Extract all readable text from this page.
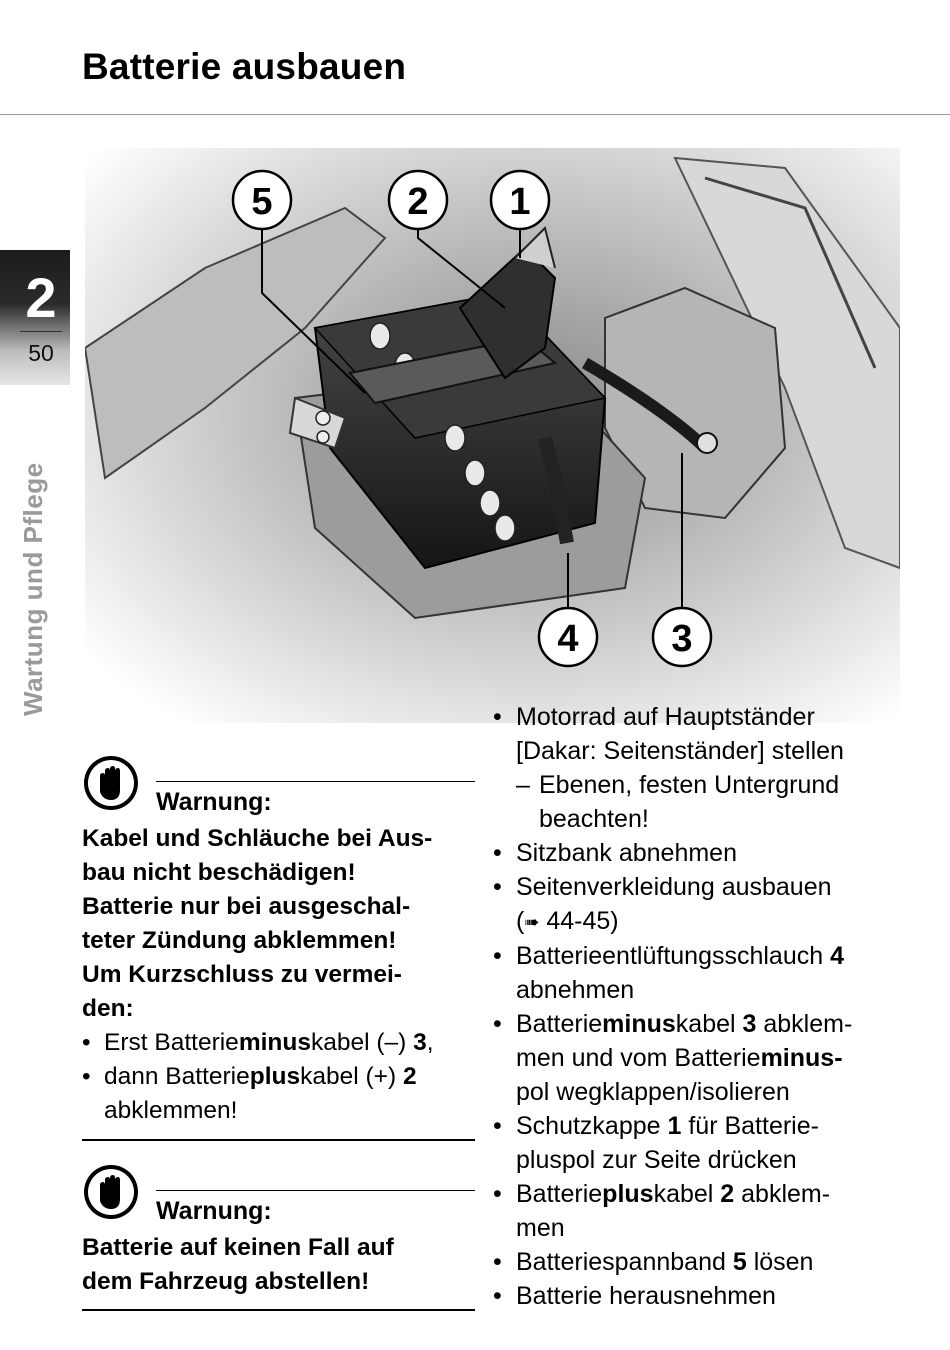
Batterie ausbauen
2
50
Wartung und Pflege
5	2 1
4 3
Warnung:

Kabel und Schläuche bei Aus-

bau nicht beschädigen!

Batterie nur bei ausgeschal-

teter Zündung abklemmen!

Um Kurzschluss zu vermei-

den:

• Erst Batterieminuskabel (–) 3,
• dann Batteriepluskabel (+) 2
abklemmen!
Warnung:

Batterie auf keinen Fall auf

dem Fahrzeug abstellen!

• Motorrad auf Hauptständer
[Dakar: Seitenständer] stellen
– Ebenen, festen Untergrund
beachten!
• Sitzbank abnehmen
• Seitenverkleidung ausbauen
(➠ 44-45)
• Batterieentlüftungsschlauch 4
abnehmen
• Batterieminuskabel 3 abklem-
men und vom Batterieminus-
pol wegklappen/isolieren
• Schutzkappe 1 für Batterie-
pluspol zur Seite drücken
• Batteriepluskabel 2 abklem-
men
• Batteriespannband 5 lösen
• Batterie herausnehmen
